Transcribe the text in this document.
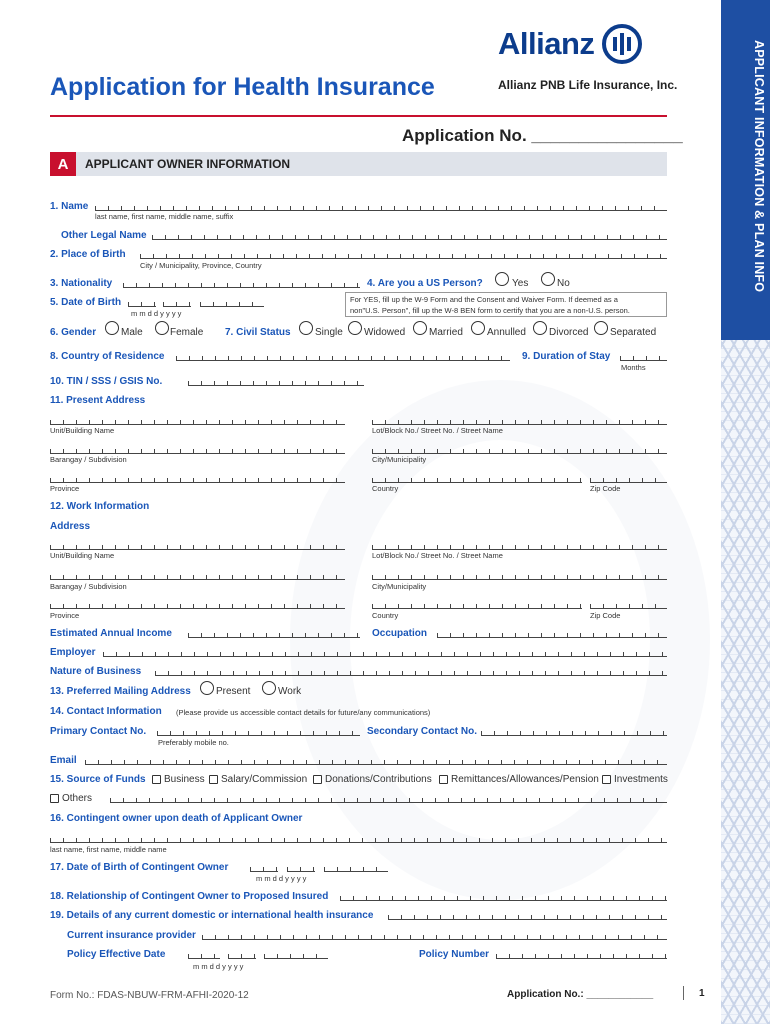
APPLICANT INFORMATION & PLAN INFO
Allianz
Application for Health Insurance	Allianz PNB Life Insurance, Inc.
Application No. ________________
A	APPLICANT OWNER INFORMATION
1. Name
last name, first name, middle name, suffix
Other Legal Name
2. Place of Birth
City / Municipality, Province, Country
3. Nationality	4. Are you a US Person?	Yes	No
5. Date of Birth
m m d d y y y y
For YES, fill up the W-9 Form and the Consent and Waiver Form. If deemed as a
non"U.S. Person", fill up the W-8 BEN form to certify that you are a non-U.S. person.
6. Gender Male	Female 7. Civil Status Single Widowed Married Annulled Divorced Separated
8. Country of Residence	9. Duration of Stay
Months
10. TIN / SSS / GSIS No.
11. Present Address
Unit/Building Name	Lot/Block No./ Street No. / Street Name
Barangay / Subdivision	City/Municipality
Province	Country	Zip Code
12. Work Information
Address
Unit/Building Name	Lot/Block No./ Street No. / Street Name
Barangay / Subdivision	City/Municipality
Province	Country	Zip Code
Estimated Annual Income	Occupation
Employer
Nature of Business
13. Preferred Mailing Address	Present	Work
14. Contact Information (Please provide us accessible contact details for future/any communications)
Primary Contact No.
Preferably mobile no.
Secondary Contact No.
Email
15. Source of Funds Business Salary/Commission Donations/Contributions Remittances/Allowances/Pension Investments
Others
16. Contingent owner upon death of Applicant Owner
last name, first name, middle name
17. Date of Birth of Contingent Owner
m m d d y y y y
18. Relationship of Contingent Owner to Proposed Insured
19. Details of any current domestic or international health insurance
Current insurance provider
Policy Effective Date
m m d d y y y y
Policy Number
Form No.: FDAS-NBUW-FRM-AFHI-2020-12	Application No.: ____________	1
